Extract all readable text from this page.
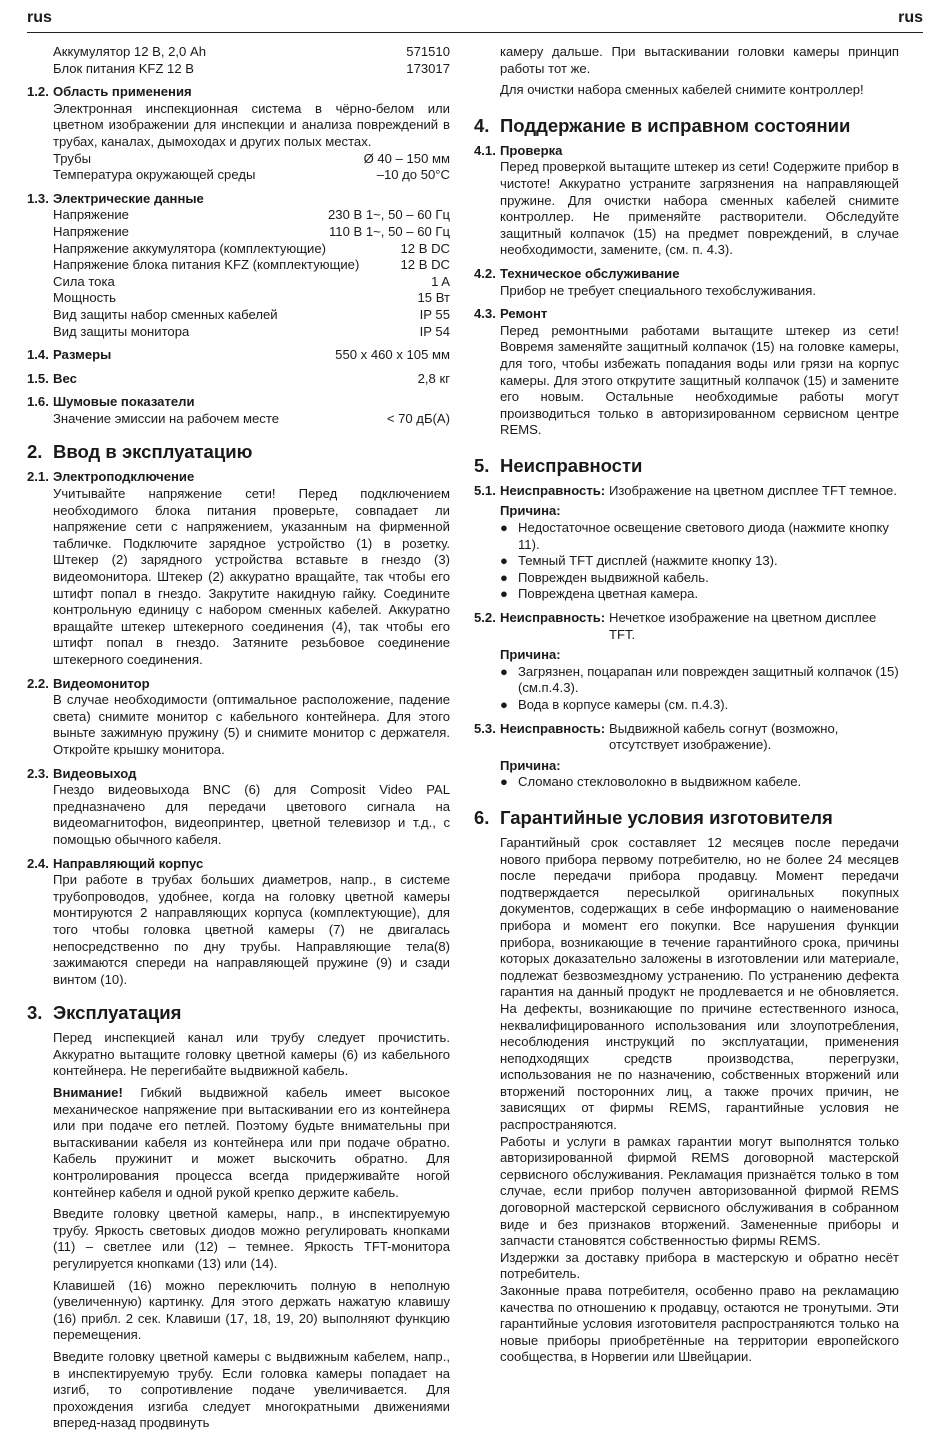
rus	rus
Аккумулятор 12 В, 2,0 Ah	571510
Блок питания KFZ 12 В	173017
1.2. Область применения

Электронная инспекционная система в чёрно-белом или цветном изображении для инспекции и анализа повреждений в трубах, каналах, дымоходах и других полых местах.

Трубы	Ø 40 – 150 мм
Температура окружающей среды	–10 до 50°C
1.3. Электрические данные
Напряжение	230 В 1~, 50 – 60 Гц
Напряжение	110 В 1~, 50 – 60 Гц
Напряжение аккумулятора (комплектующие)	12 В DC
Напряжение блока питания KFZ (комплектующие)	12 В DC
Сила тока	1 A
Мощность	15 Вт
Вид защиты набор сменных кабелей	IP 55
Вид защиты монитора	IP 54
1.4. Размеры	550 x 460 x 105 мм
1.5. Вес	2,8 кг
1.6. Шумовые показатели
Значение эмиссии на рабочем месте	< 70 дБ(A)
2. Ввод в эксплуатацию
2.1. Электроподключение

Учитывайте напряжение сети! Перед подключением необходимого блока питания проверьте, совпадает ли напряжение сети с напряжением, указанным на фирменной табличке. Подключите зарядное устройство (1) в розетку. Штекер (2) зарядного устройства вставьте в гнездо (3) видеомонитора. Штекер (2) аккуратно вращайте, так чтобы его штифт попал в гнездо. Закрутите накидную гайку. Соедините контрольную единицу с набором сменных кабелей. Аккуратно вращайте штекер штекерного соединения (4), так чтобы его штифт попал в гнездо. Затяните резьбовое соединение штекерного соединения.

2.2. Видеомонитор

В случае необходимости (оптимальное расположение, падение света) снимите монитор с кабельного контейнера. Для этого выньте зажимную пружину (5) и снимите монитор с держателя. Откройте крышку монитора.

2.3. Видеовыход

Гнездо видеовыхода BNC (6) для Composit Video PAL предназначено для передачи цветового сигнала на видеомагнитофон, видеопринтер, цветной телевизор и т.д., с помощью обычного кабеля.

2.4. Направляющий корпус

При работе в трубах больших диаметров, напр., в системе трубопроводов, удобнее, когда на головку цветной камеры монтируются 2 направляющих корпуса (комплектующие), для того чтобы головка цветной камеры (7) не двигалась непосредственно по дну трубы. Направляющие тела(8) зажимаются спереди на направляющей пружине (9) и сзади винтом (10).

3. Эксплуатация

Перед инспекцией канал или трубу следует прочистить. Аккуратно вытащите головку цветной камеры (6) из кабельного контейнера. Не перегибайте выдвижной кабель.

Внимание! Гибкий выдвижной кабель имеет высокое механическое напряжение при вытаскивании его из контейнера или при подаче его петлей. Поэтому будьте внимательны при вытаскивании кабеля из контейнера или при подаче обратно. Кабель пружинит и может выскочить обратно. Для контролирования процесса всегда придерживайте ногой контейнер кабеля и одной рукой крепко держите кабель.

Введите головку цветной камеры, напр., в инспектируемую трубу. Яркость световых диодов можно регулировать кнопками (11) – светлее или (12) – темнее. Яркость TFT-монитора регулируется кнопками (13) или (14).

Клавишей (16) можно переключить полную в неполную (увеличенную) картинку. Для этого держать нажатую клавишу (16) прибл. 2 сек. Клавиши (17, 18, 19, 20) выполняют функцию перемещения.

Введите головку цветной камеры с выдвижным кабелем, напр., в инспектируемую трубу. Если головка камеры попадает на изгиб, то сопротивление подаче увеличивается. Для прохождения изгиба следует многократными движениями вперед-назад продвинуть

камеру дальше. При вытаскивании головки камеры принцип работы тот же.

Для очистки набора сменных кабелей снимите контроллер!

4. Поддержание в исправном состоянии
4.1. Проверка

Перед проверкой вытащите штекер из сети! Содержите прибор в чистоте! Аккуратно устраните загрязнения на направляющей пружине. Для очистки набора сменных кабелей снимите контроллер. Не применяйте растворители. Обследуйте защитный колпачок (15) на предмет повреждений, в случае необходимости, замените, (см. п. 4.3).

4.2. Техническое обслуживание

Прибор не требует специального техобслуживания.

4.3. Ремонт

Перед ремонтными работами вытащите штекер из сети! Вовремя заменяйте защитный колпачок (15) на головке камеры, для того, чтобы избежать попадания воды или грязи на корпус камеры. Для этого открутите защитный колпачок (15) и замените его новым. Остальные необходимые работы могут производиться только в авторизированном сервисном центре REMS.

5. Неисправности
5.1. Неисправность: Изображение на цветном дисплее TFT темное.
Причина:
● Недостаточное освещение светового диода (нажмите кнопку 11).
● Темный TFT дисплей (нажмите кнопку 13).
● Поврежден выдвижной кабель.
● Повреждена цветная камера.
5.2. Неисправность: Нечеткое изображение на цветном дисплее TFT.
Причина:
● Загрязнен, поцарапан или поврежден защитный колпачок (15) (см.п.4.3).
● Вода в корпусе камеры (см. п.4.3).
5.3. Неисправность: Выдвижной кабель согнут (возможно, отсутствует изображение).
Причина:
● Сломано стекловолокно в выдвижном кабеле.
6. Гарантийные условия изготовителя

Гарантийный срок составляет 12 месяцев после передачи нового прибора первому потребителю, но не более 24 месяцев после передачи прибора продавцу. Момент передачи подтверждается пересылкой оригинальных покупных документов, содержащих в себе информацию о наименование прибора и момент его покупки. Все нарушения функции прибора, возникающие в течение гарантийного срока, причины которых доказательно заложены в изготовлении или материале, подлежат безвозмездному устранению. По устранению дефекта гарантия на данный продукт не продлевается и не обновляется. На дефекты, возникающие по причине естественного износа, неквалифицированного использования или злоупотребления, несоблюдения инструкций по эксплуатации, применения неподходящих средств производства, перегрузки, использования не по назначению, собственных вторжений или вторжений посторонних лиц, а также прочих причин, не зависящих от фирмы REMS, гарантийные условия не распространяются.

Работы и услуги в рамках гарантии могут выполнятся только авторизированной фирмой REMS договорной мастерской сервисного обслуживания. Рекламация признаётся только в том случае, если прибор получен авторизованной фирмой REMS договорной мастерской сервисного обслуживания в собранном виде и без признаков вторжений. Замененные приборы и запчасти становятся собственностью фирмы REMS.

Издержки за доставку прибора в мастерскую и обратно несёт потребитель.

Законные права потребителя, особенно право на рекламацию качества по отношению к продавцу, остаются не тронутыми. Эти гарантийные условия изготовителя распространяются только на новые приборы приобретённые на территории европейского сообщества, в Норвегии или Швейцарии.
